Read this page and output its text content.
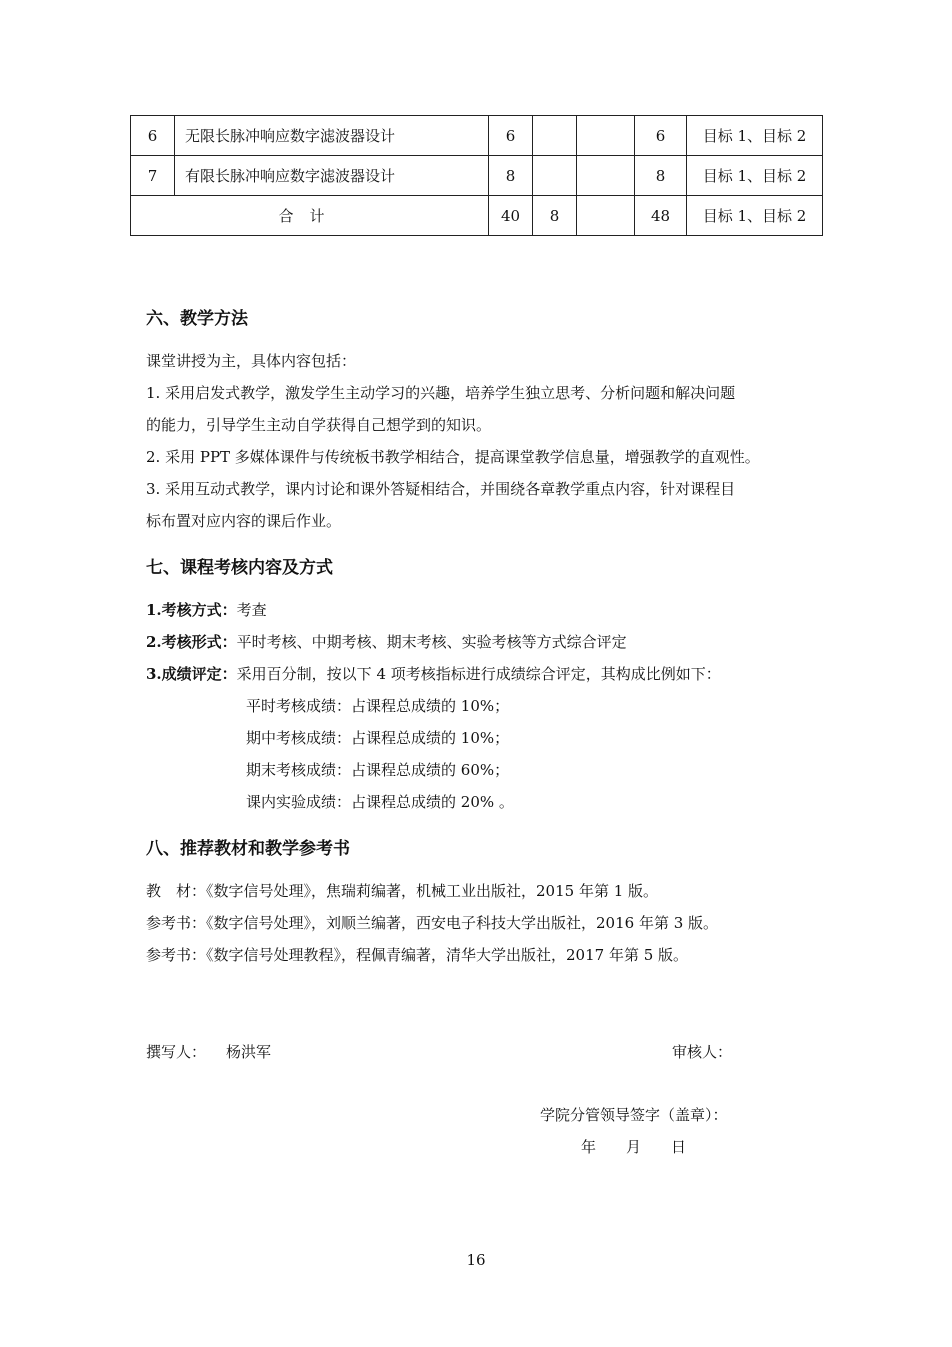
6	无限长脉冲响应数字滤波器设计	6			6	目标 1、目标 2
7	有限长脉冲响应数字滤波器设计	8			8	目标 1、目标 2
合计		40	8		48	目标 1、目标 2
六、教学方法
课堂讲授为主，具体内容包括：
1. 采用启发式教学，激发学生主动学习的兴趣，培养学生独立思考、分析问题和解决问题
的能力，引导学生主动自学获得自己想学到的知识。
2. 采用 PPT 多媒体课件与传统板书教学相结合，提高课堂教学信息量，增强教学的直观性。
3. 采用互动式教学，课内讨论和课外答疑相结合，并围绕各章教学重点内容，针对课程目
标布置对应内容的课后作业。
七、课程考核内容及方式
1.考核方式：考查
2.考核形式：平时考核、中期考核、期末考核、实验考核等方式综合评定
3.成绩评定：采用百分制，按以下 4 项考核指标进行成绩综合评定，其构成比例如下：
平时考核成绩：占课程总成绩的 10%；
期中考核成绩：占课程总成绩的 10%；
期末考核成绩：占课程总成绩的 60%；
课内实验成绩：占课程总成绩的 20% 。
八、推荐教材和教学参考书
教　材：《数字信号处理》，焦瑞莉编著，机械工业出版社，2015 年第 1 版。
参考书：《数字信号处理》，刘顺兰编著，西安电子科技大学出版社，2016 年第 3 版。
参考书：《数字信号处理教程》，程佩青编著，清华大学出版社，2017 年第 5 版。
撰写人： 杨洪军	审核人：
学院分管领导签字（盖章）：
年　　月　　日
16
